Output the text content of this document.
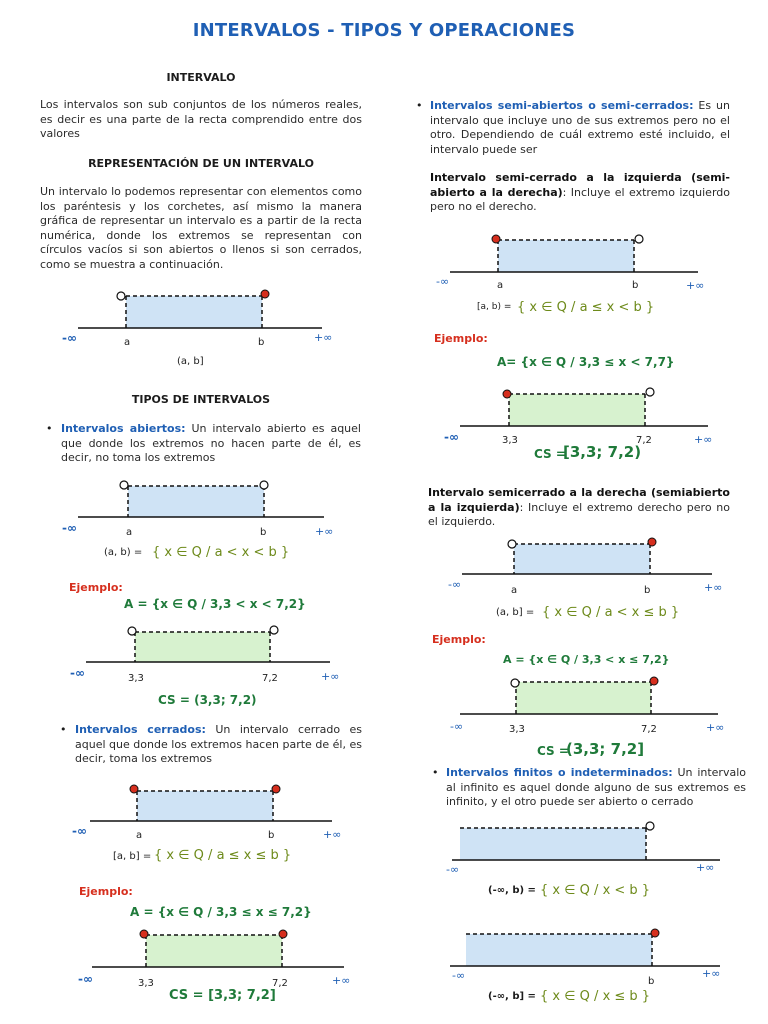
INTERVALOS - TIPOS Y OPERACIONES
INTERVALO
Los intervalos son sub conjuntos de los números reales, es decir es una parte de la recta comprendido entre dos valores
REPRESENTACIÓN DE UN INTERVALO
Un intervalo lo podemos representar con elementos como los paréntesis y los corchetes, así mismo la manera gráfica de representar un intervalo es a partir de la recta numérica, donde los extremos se representan con círculos vacíos si son abiertos o llenos si son cerrados, como se muestra a continuación.
-∞	+∞
a	b
(a, b]
TIPOS DE INTERVALOS
• Intervalos abiertos: Un intervalo abierto es aquel que donde los extremos no hacen parte de él, es decir, no toma los extremos
-∞	+∞
a	b
(a, b) = { x ∈ Q / a < x < b }
Ejemplo:
A = {x ∈ Q / 3,3 < x < 7,2}
-∞	+∞
3,3	7,2
CS = (3,3; 7,2)
• Intervalos cerrados: Un intervalo cerrado es aquel que donde los extremos hacen parte de él, es decir, toma los extremos
-∞	+∞
a	b
[a, b] = { x ∈ Q / a ≤ x ≤ b }
Ejemplo:
A = {x ∈ Q / 3,3 ≤ x ≤ 7,2}
-∞	+∞
3,3	7,2
CS = [3,3; 7,2]
• Intervalos semi-abiertos o semi-cerrados: Es un intervalo que incluye uno de sus extremos pero no el otro. Dependiendo de cuál extremo esté incluido, el intervalo puede ser
Intervalo semi-cerrado a la izquierda (semi-abierto a la derecha): Incluye el extremo izquierdo pero no el derecho.
-∞	+∞
a	b
[a, b) = { x ∈ Q / a ≤ x < b }
Ejemplo:
A= {x ∈ Q / 3,3 ≤ x < 7,7}
-∞	+∞
3,3	7,2
CS =
[3,3; 7,2)
Intervalo semicerrado a la derecha (semiabierto a la izquierda): Incluye el extremo derecho pero no el izquierdo.
-∞	+∞
a	b
(a, b] = { x ∈ Q / a < x ≤ b }
Ejemplo:
A = {x ∈ Q / 3,3 < x ≤ 7,2}
-∞	+∞
3,3	7,2
CS =
(3,3; 7,2]
• Intervalos finitos o indeterminados: Un intervalo al infinito es aquel donde alguno de sus extremos es infinito, y el otro puede ser abierto o cerrado
-∞	+∞
(-∞, b) = { x ∈ Q / x < b }
-∞	+∞
b
(-∞, b] = { x ∈ Q / x ≤ b }
